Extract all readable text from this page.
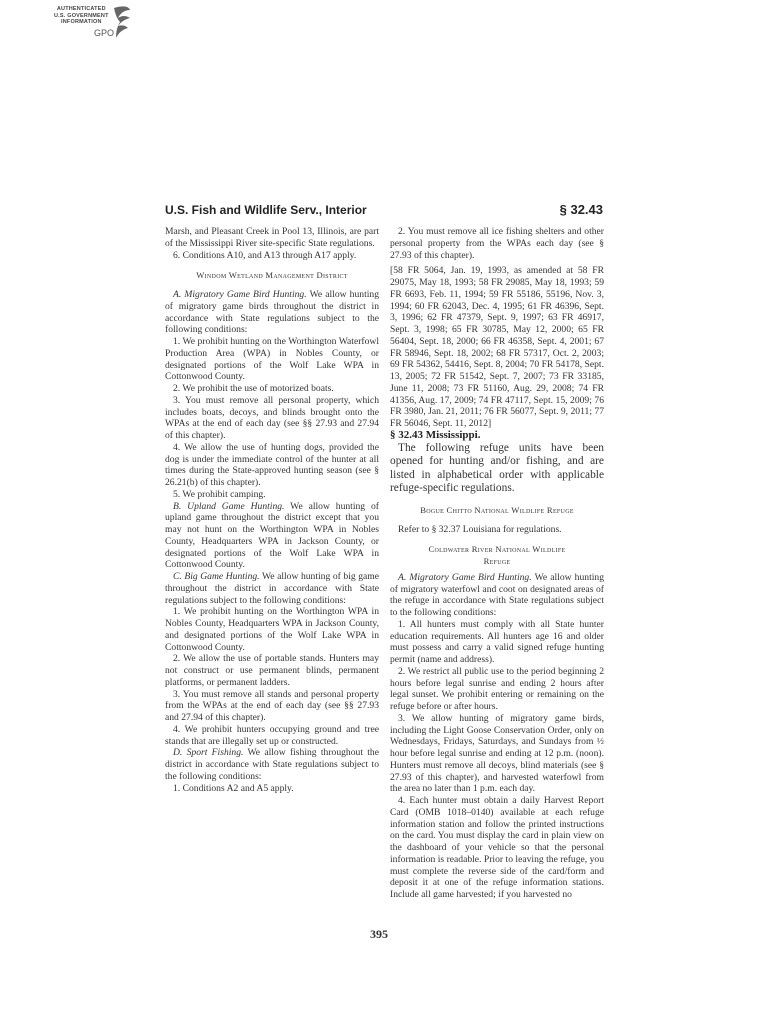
AUTHENTICATED
U.S. GOVERNMENT
INFORMATION
GPO
U.S. Fish and Wildlife Serv., Interior	§ 32.43

Marsh, and Pleasant Creek in Pool 13, Illinois, are part of the Mississippi River site-specific State regulations.

6. Conditions A10, and A13 through A17 apply.

Windom Wetland Management District

A. Migratory Game Bird Hunting. We allow hunting of migratory game birds throughout the district in accordance with State regulations subject to the following conditions:

1. We prohibit hunting on the Worthington Waterfowl Production Area (WPA) in Nobles County, or designated portions of the Wolf Lake WPA in Cottonwood County.

2. We prohibit the use of motorized boats.

3. You must remove all personal property, which includes boats, decoys, and blinds brought onto the WPAs at the end of each day (see §§ 27.93 and 27.94 of this chapter).

4. We allow the use of hunting dogs, provided the dog is under the immediate control of the hunter at all times during the State-approved hunting season (see § 26.21(b) of this chapter).

5. We prohibit camping.

B. Upland Game Hunting. We allow hunting of upland game throughout the district except that you may not hunt on the Worthington WPA in Nobles County, Headquarters WPA in Jackson County, or designated portions of the Wolf Lake WPA in Cottonwood County.

C. Big Game Hunting. We allow hunting of big game throughout the district in accordance with State regulations subject to the following conditions:

1. We prohibit hunting on the Worthington WPA in Nobles County, Headquarters WPA in Jackson County, and designated portions of the Wolf Lake WPA in Cottonwood County.

2. We allow the use of portable stands. Hunters may not construct or use permanent blinds, permanent platforms, or permanent ladders.

3. You must remove all stands and personal property from the WPAs at the end of each day (see §§ 27.93 and 27.94 of this chapter).

4. We prohibit hunters occupying ground and tree stands that are illegally set up or constructed.

D. Sport Fishing. We allow fishing throughout the district in accordance with State regulations subject to the following conditions:

1. Conditions A2 and A5 apply.

2. You must remove all ice fishing shelters and other personal property from the WPAs each day (see § 27.93 of this chapter).

[58 FR 5064, Jan. 19, 1993, as amended at 58 FR 29075, May 18, 1993; 58 FR 29085, May 18, 1993; 59 FR 6693, Feb. 11, 1994; 59 FR 55186, 55196, Nov. 3, 1994; 60 FR 62043, Dec. 4, 1995; 61 FR 46396, Sept. 3, 1996; 62 FR 47379, Sept. 9, 1997; 63 FR 46917, Sept. 3, 1998; 65 FR 30785, May 12, 2000; 65 FR 56404, Sept. 18, 2000; 66 FR 46358, Sept. 4, 2001; 67 FR 58946, Sept. 18, 2002; 68 FR 57317, Oct. 2, 2003; 69 FR 54362, 54416, Sept. 8, 2004; 70 FR 54178, Sept. 13, 2005; 72 FR 51542, Sept. 7, 2007; 73 FR 33185, June 11, 2008; 73 FR 51160, Aug. 29, 2008; 74 FR 41356, Aug. 17, 2009; 74 FR 47117, Sept. 15, 2009; 76 FR 3980, Jan. 21, 2011; 76 FR 56077, Sept. 9, 2011; 77 FR 56046, Sept. 11, 2012]

§ 32.43 Mississippi.

The following refuge units have been opened for hunting and/or fishing, and are listed in alphabetical order with applicable refuge-specific regulations.

Bogue Chitto National Wildlife Refuge

Refer to § 32.37 Louisiana for regulations.

Coldwater River National Wildlife
Refuge

A. Migratory Game Bird Hunting. We allow hunting of migratory waterfowl and coot on designated areas of the refuge in accordance with State regulations subject to the following conditions:

1. All hunters must comply with all State hunter education requirements. All hunters age 16 and older must possess and carry a valid signed refuge hunting permit (name and address).

2. We restrict all public use to the period beginning 2 hours before legal sunrise and ending 2 hours after legal sunset. We prohibit entering or remaining on the refuge before or after hours.

3. We allow hunting of migratory game birds, including the Light Goose Conservation Order, only on Wednesdays, Fridays, Saturdays, and Sundays from ½ hour before legal sunrise and ending at 12 p.m. (noon). Hunters must remove all decoys, blind materials (see § 27.93 of this chapter), and harvested waterfowl from the area no later than 1 p.m. each day.

4. Each hunter must obtain a daily Harvest Report Card (OMB 1018–0140) available at each refuge information station and follow the printed instructions on the card. You must display the card in plain view on the dashboard of your vehicle so that the personal information is readable. Prior to leaving the refuge, you must complete the reverse side of the card/form and deposit it at one of the refuge information stations. Include all game harvested; if you harvested no

395
